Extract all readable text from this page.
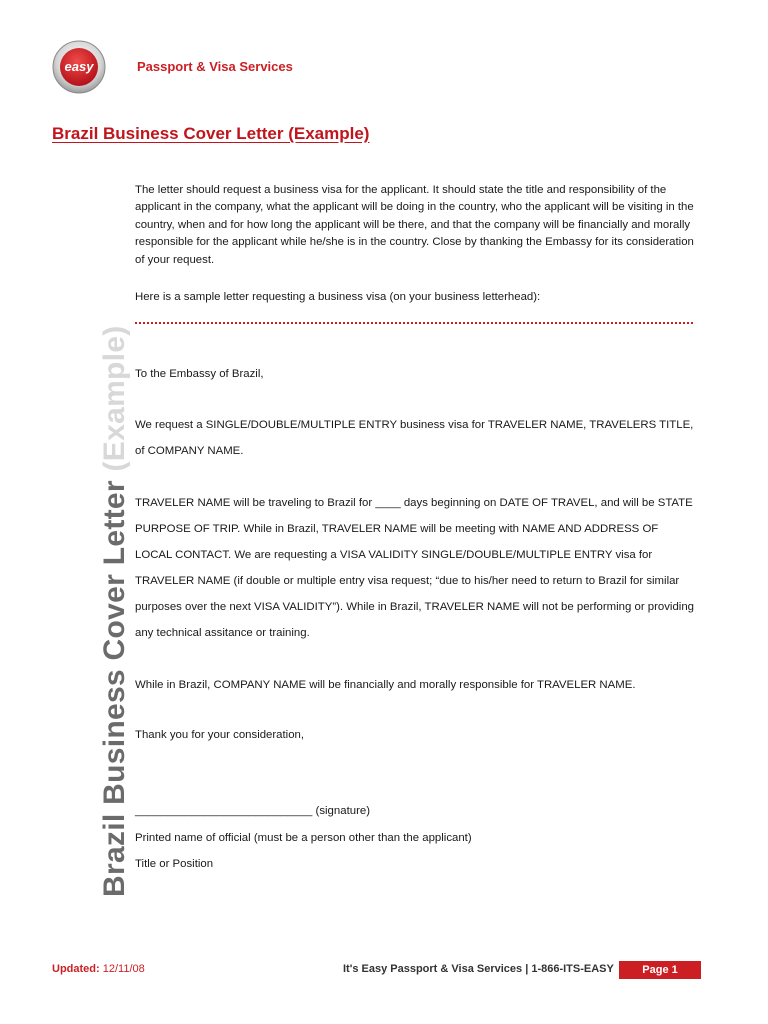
easy	Passport & Visa Services
Brazil Business Cover Letter (Example)
Brazil Business Cover Letter (Example)
The letter should request a business visa for the applicant. It should state the title and responsibility of the applicant in the company, what the applicant will be doing in the country, who the applicant will be visiting in the country, when and for how long the applicant will be there, and that the company will be financially and morally responsible for the applicant while he/she is in the country. Close by thanking the Embassy for its consideration of your request.
Here is a sample letter requesting a business visa (on your business letterhead):
To the Embassy of Brazil,
We request a SINGLE/DOUBLE/MULTIPLE ENTRY business visa for TRAVELER NAME, TRAVELERS TITLE, of COMPANY NAME.
TRAVELER NAME will be traveling to Brazil for ____ days beginning on DATE OF TRAVEL, and will be STATE PURPOSE OF TRIP. While in Brazil, TRAVELER NAME will be meeting with NAME AND ADDRESS OF LOCAL CONTACT. We are requesting a VISA VALIDITY SINGLE/DOUBLE/MULTIPLE ENTRY visa for TRAVELER NAME (if double or multiple entry visa request; “due to his/her need to return to Brazil for similar purposes over the next VISA VALIDITY”). While in Brazil, TRAVELER NAME will not be performing or providing any technical assitance or training.
While in Brazil, COMPANY NAME will be financially and morally responsible for TRAVELER NAME.
Thank you for your consideration,
____________________________ (signature)
Printed name of official (must be a person other than the applicant)
Title or Position
Updated: 12/11/08	It's Easy Passport & Visa Services | 1-866-ITS-EASY	Page 1
